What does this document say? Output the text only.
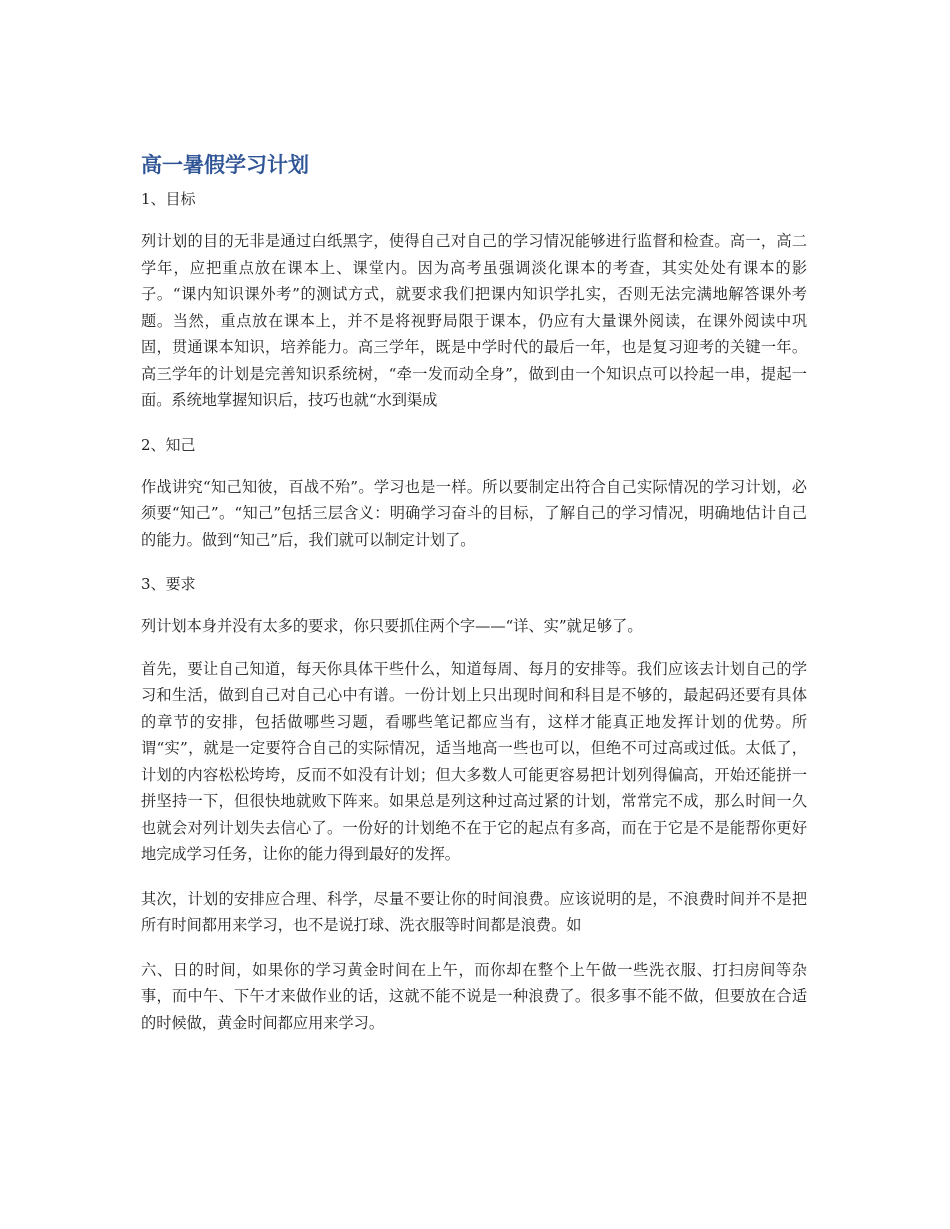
高一暑假学习计划
1、目标

列计划的目的无非是通过白纸黑字，使得自己对自己的学习情况能够进行监督和检查。高一，高二学年，应把重点放在课本上、课堂内。因为高考虽强调淡化课本的考查，其实处处有课本的影子。“课内知识课外考”的测试方式，就要求我们把课内知识学扎实，否则无法完满地解答课外考题。当然，重点放在课本上，并不是将视野局限于课本，仍应有大量课外阅读，在课外阅读中巩固，贯通课本知识，培养能力。高三学年，既是中学时代的最后一年，也是复习迎考的关键一年。高三学年的计划是完善知识系统树，“牵一发而动全身”，做到由一个知识点可以拎起一串，提起一面。系统地掌握知识后，技巧也就“水到渠成

2、知己

作战讲究“知己知彼，百战不殆”。学习也是一样。所以要制定出符合自己实际情况的学习计划，必须要“知己”。“知己”包括三层含义：明确学习奋斗的目标，了解自己的学习情况，明确地估计自己的能力。做到“知己”后，我们就可以制定计划了。

3、要求

列计划本身并没有太多的要求，你只要抓住两个字——“详、实”就足够了。

首先，要让自己知道，每天你具体干些什么，知道每周、每月的安排等。我们应该去计划自己的学习和生活，做到自己对自己心中有谱。一份计划上只出现时间和科目是不够的，最起码还要有具体的章节的安排，包括做哪些习题，看哪些笔记都应当有，这样才能真正地发挥计划的优势。所谓“实”，就是一定要符合自己的实际情况，适当地高一些也可以，但绝不可过高或过低。太低了，计划的内容松松垮垮，反而不如没有计划；但大多数人可能更容易把计划列得偏高，开始还能拼一拼坚持一下，但很快地就败下阵来。如果总是列这种过高过紧的计划，常常完不成，那么时间一久也就会对列计划失去信心了。一份好的计划绝不在于它的起点有多高，而在于它是不是能帮你更好地完成学习任务，让你的能力得到最好的发挥。

其次，计划的安排应合理、科学，尽量不要让你的时间浪费。应该说明的是，不浪费时间并不是把所有时间都用来学习，也不是说打球、洗衣服等时间都是浪费。如

六、日的时间，如果你的学习黄金时间在上午，而你却在整个上午做一些洗衣服、打扫房间等杂事，而中午、下午才来做作业的话，这就不能不说是一种浪费了。很多事不能不做，但要放在合适的时候做，黄金时间都应用来学习。
